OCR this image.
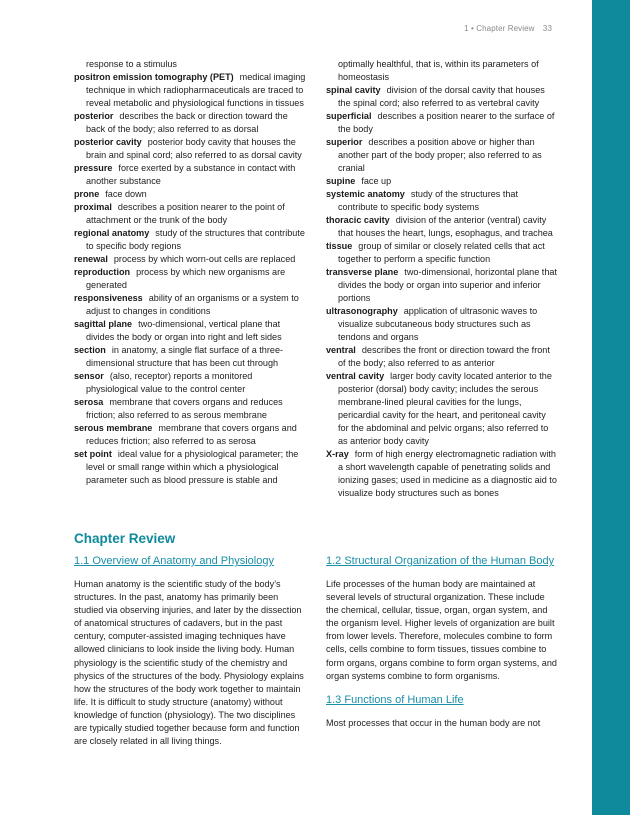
1 • Chapter Review 33

response to a stimulus

positron emission tomography (PET) medical imaging technique in which radiopharmaceuticals are traced to reveal metabolic and physiological functions in tissues

posterior describes the back or direction toward the back of the body; also referred to as dorsal

posterior cavity posterior body cavity that houses the brain and spinal cord; also referred to as dorsal cavity

pressure force exerted by a substance in contact with another substance

prone face down

proximal describes a position nearer to the point of attachment or the trunk of the body

regional anatomy study of the structures that contribute to specific body regions

renewal process by which worn-out cells are replaced

reproduction process by which new organisms are generated

responsiveness ability of an organisms or a system to adjust to changes in conditions

sagittal plane two-dimensional, vertical plane that divides the body or organ into right and left sides

section in anatomy, a single flat surface of a three-dimensional structure that has been cut through

sensor (also, receptor) reports a monitored physiological value to the control center

serosa membrane that covers organs and reduces friction; also referred to as serous membrane

serous membrane membrane that covers organs and reduces friction; also referred to as serosa

set point ideal value for a physiological parameter; the level or small range within which a physiological parameter such as blood pressure is stable and

optimally healthful, that is, within its parameters of homeostasis

spinal cavity division of the dorsal cavity that houses the spinal cord; also referred to as vertebral cavity

superficial describes a position nearer to the surface of the body

superior describes a position above or higher than another part of the body proper; also referred to as cranial

supine face up

systemic anatomy study of the structures that contribute to specific body systems

thoracic cavity division of the anterior (ventral) cavity that houses the heart, lungs, esophagus, and trachea

tissue group of similar or closely related cells that act together to perform a specific function

transverse plane two-dimensional, horizontal plane that divides the body or organ into superior and inferior portions

ultrasonography application of ultrasonic waves to visualize subcutaneous body structures such as tendons and organs

ventral describes the front or direction toward the front of the body; also referred to as anterior

ventral cavity larger body cavity located anterior to the posterior (dorsal) body cavity; includes the serous membrane-lined pleural cavities for the lungs, pericardial cavity for the heart, and peritoneal cavity for the abdominal and pelvic organs; also referred to as anterior body cavity

X-ray form of high energy electromagnetic radiation with a short wavelength capable of penetrating solids and ionizing gases; used in medicine as a diagnostic aid to visualize body structures such as bones

Chapter Review
1.1 Overview of Anatomy and Physiology

Human anatomy is the scientific study of the body’s structures. In the past, anatomy has primarily been studied via observing injuries, and later by the dissection of anatomical structures of cadavers, but in the past century, computer-assisted imaging techniques have allowed clinicians to look inside the living body. Human physiology is the scientific study of the chemistry and physics of the structures of the body. Physiology explains how the structures of the body work together to maintain life. It is difficult to study structure (anatomy) without knowledge of function (physiology). The two disciplines are typically studied together because form and function are closely related in all living things.

1.2 Structural Organization of the Human Body

Life processes of the human body are maintained at several levels of structural organization. These include the chemical, cellular, tissue, organ, organ system, and the organism level. Higher levels of organization are built from lower levels. Therefore, molecules combine to form cells, cells combine to form tissues, tissues combine to form organs, organs combine to form organ systems, and organ systems combine to form organisms.

1.3 Functions of Human Life

Most processes that occur in the human body are not
